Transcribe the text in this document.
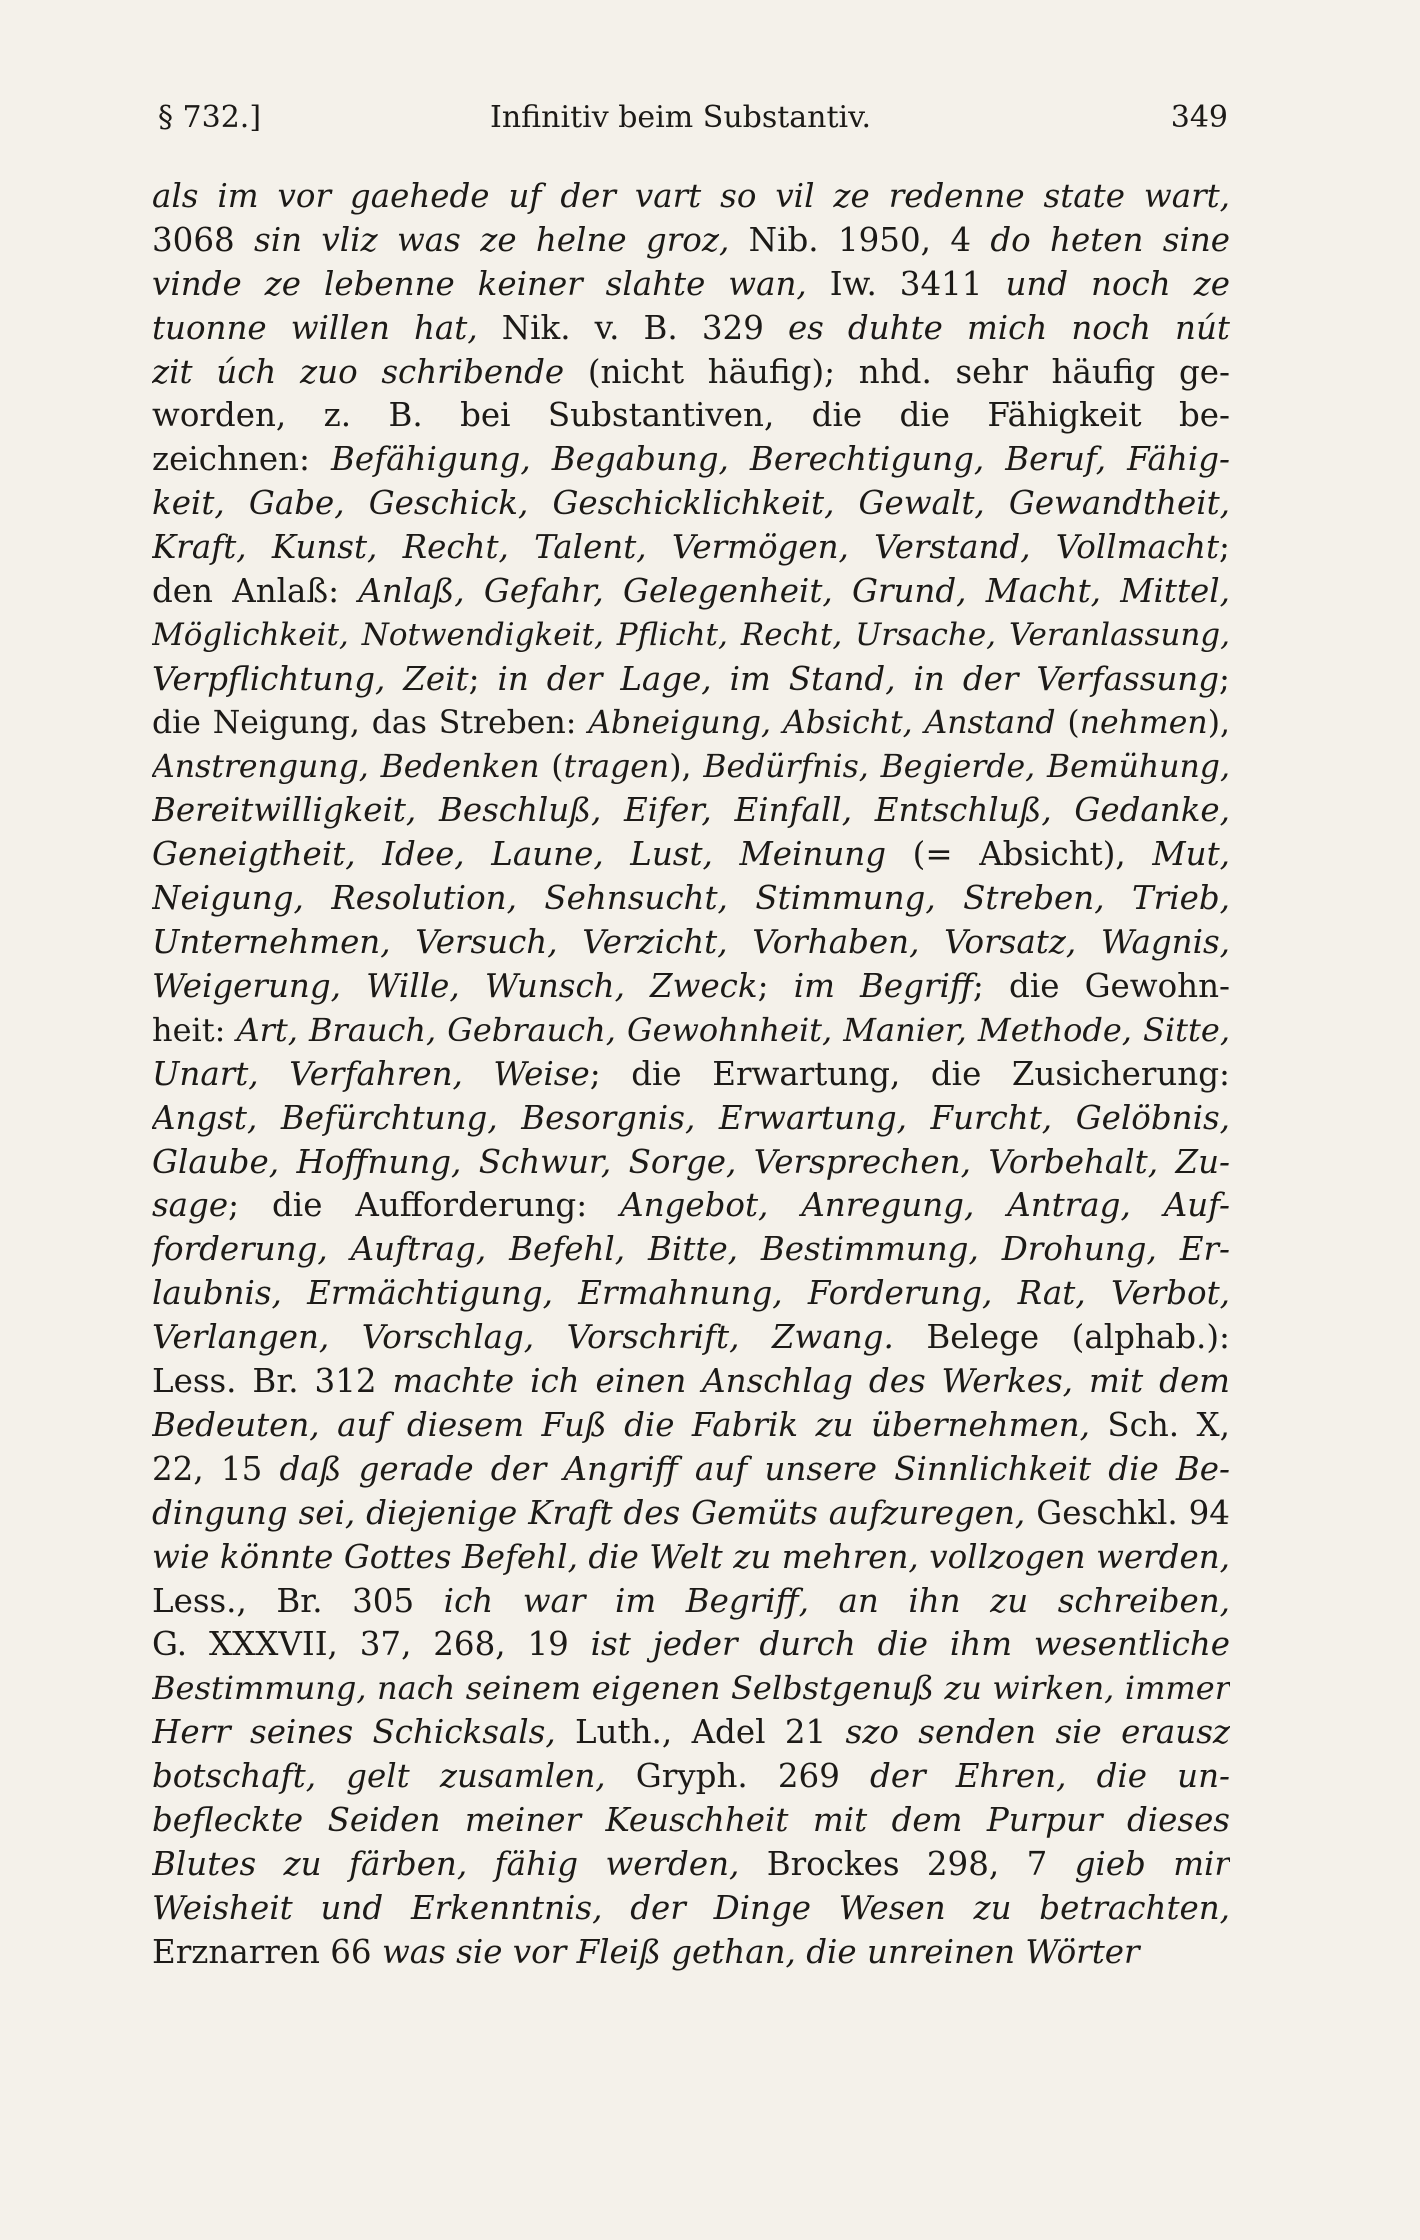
§ 732.]	Infinitiv beim Substantiv.	349
als im vor gaehede uf der vart so vil ze redenne state wart,
3068 sin vliz was ze helne groz, Nib. 1950, 4 do heten sine
vinde ze lebenne keiner slahte wan, Iw. 3411 und noch ze
tuonne willen hat, Nik. v. B. 329 es duhte mich noch nút
zit úch zuo schribende (nicht häufig); nhd. sehr häufig ge-
worden, z. B. bei Substantiven, die die Fähigkeit be-
zeichnen: Befähigung, Begabung, Berechtigung, Beruf, Fähig-
keit, Gabe, Geschick, Geschicklichkeit, Gewalt, Gewandtheit,
Kraft, Kunst, Recht, Talent, Vermögen, Verstand, Vollmacht;
den Anlaß: Anlaß, Gefahr, Gelegenheit, Grund, Macht, Mittel,
Möglichkeit, Notwendigkeit, Pflicht, Recht, Ursache, Veranlassung,
Verpflichtung, Zeit; in der Lage, im Stand, in der Verfassung;
die Neigung, das Streben: Abneigung, Absicht, Anstand (nehmen),
Anstrengung, Bedenken (tragen), Bedürfnis, Begierde, Bemühung,
Bereitwilligkeit, Beschluß, Eifer, Einfall, Entschluß, Gedanke,
Geneigtheit, Idee, Laune, Lust, Meinung (= Absicht), Mut,
Neigung, Resolution, Sehnsucht, Stimmung, Streben, Trieb,
Unternehmen, Versuch, Verzicht, Vorhaben, Vorsatz, Wagnis,
Weigerung, Wille, Wunsch, Zweck; im Begriff; die Gewohn-
heit: Art, Brauch, Gebrauch, Gewohnheit, Manier, Methode, Sitte,
Unart, Verfahren, Weise; die Erwartung, die Zusicherung:
Angst, Befürchtung, Besorgnis, Erwartung, Furcht, Gelöbnis,
Glaube, Hoffnung, Schwur, Sorge, Versprechen, Vorbehalt, Zu-
sage; die Aufforderung: Angebot, Anregung, Antrag, Auf-
forderung, Auftrag, Befehl, Bitte, Bestimmung, Drohung, Er-
laubnis, Ermächtigung, Ermahnung, Forderung, Rat, Verbot,
Verlangen, Vorschlag, Vorschrift, Zwang. Belege (alphab.):
Less. Br. 312 machte ich einen Anschlag des Werkes, mit dem
Bedeuten, auf diesem Fuß die Fabrik zu übernehmen, Sch. X,
22, 15 daß gerade der Angriff auf unsere Sinnlichkeit die Be-
dingung sei, diejenige Kraft des Gemüts aufzuregen, Geschkl. 94
wie könnte Gottes Befehl, die Welt zu mehren, vollzogen werden,
Less., Br. 305 ich war im Begriff, an ihn zu schreiben,
G. XXXVII, 37, 268, 19 ist jeder durch die ihm wesentliche
Bestimmung, nach seinem eigenen Selbstgenuß zu wirken, immer
Herr seines Schicksals, Luth., Adel 21 szo senden sie erausz
botschaft, gelt zusamlen, Gryph. 269 der Ehren, die un-
befleckte Seiden meiner Keuschheit mit dem Purpur dieses
Blutes zu färben, fähig werden, Brockes 298, 7 gieb mir
Weisheit und Erkenntnis, der Dinge Wesen zu betrachten,
Erznarren 66 was sie vor Fleiß gethan, die unreinen Wörter
